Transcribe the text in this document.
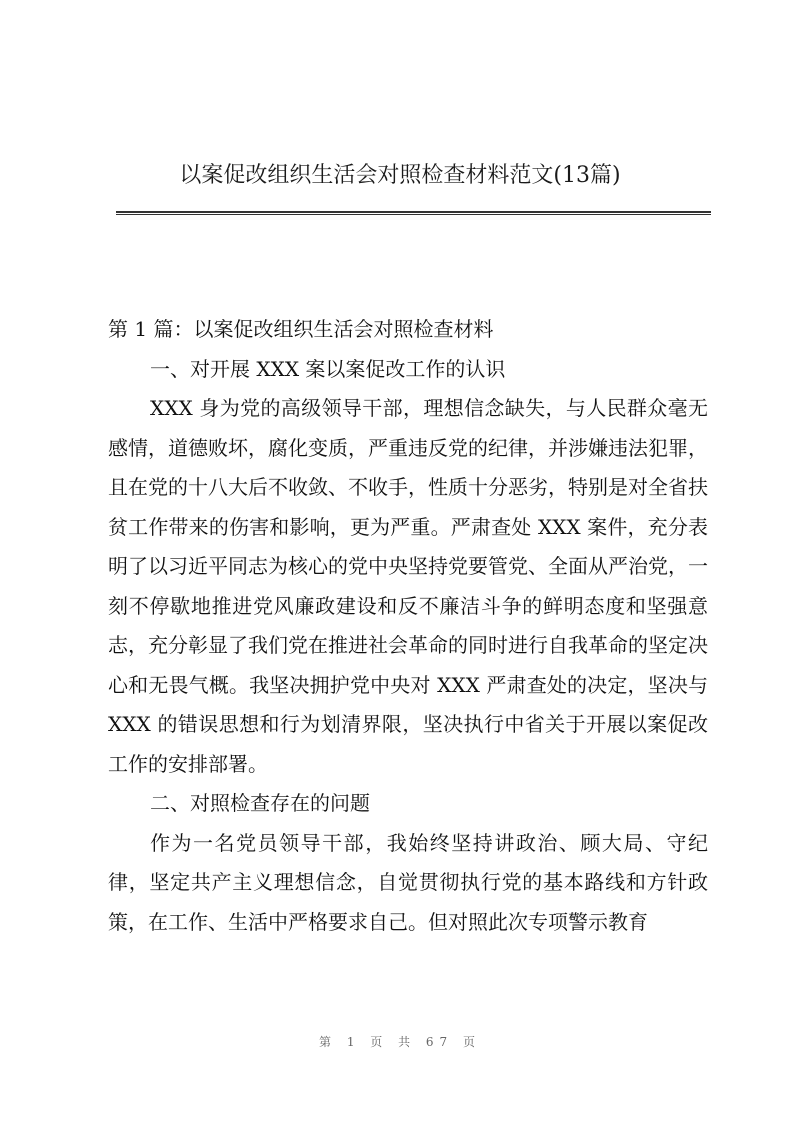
以案促改组织生活会对照检查材料范文(13篇)

第 1 篇：以案促改组织生活会对照检查材料

一、对开展 XXX 案以案促改工作的认识

XXX 身为党的高级领导干部，理想信念缺失，与人民群众毫无感情，道德败坏，腐化变质，严重违反党的纪律，并涉嫌违法犯罪，且在党的十八大后不收敛、不收手，性质十分恶劣，特别是对全省扶贫工作带来的伤害和影响，更为严重。严肃查处 XXX 案件，充分表明了以习近平同志为核心的党中央坚持党要管党、全面从严治党，一刻不停歇地推进党风廉政建设和反不廉洁斗争的鲜明态度和坚强意志，充分彰显了我们党在推进社会革命的同时进行自我革命的坚定决心和无畏气概。我坚决拥护党中央对 XXX 严肃查处的决定，坚决与 XXX 的错误思想和行为划清界限，坚决执行中省关于开展以案促改工作的安排部署。

二、对照检查存在的问题

作为一名党员领导干部，我始终坚持讲政治、顾大局、守纪律，坚定共产主义理想信念，自觉贯彻执行党的基本路线和方针政策，在工作、生活中严格要求自己。但对照此次专项警示教育

第 1 页 共 67 页
